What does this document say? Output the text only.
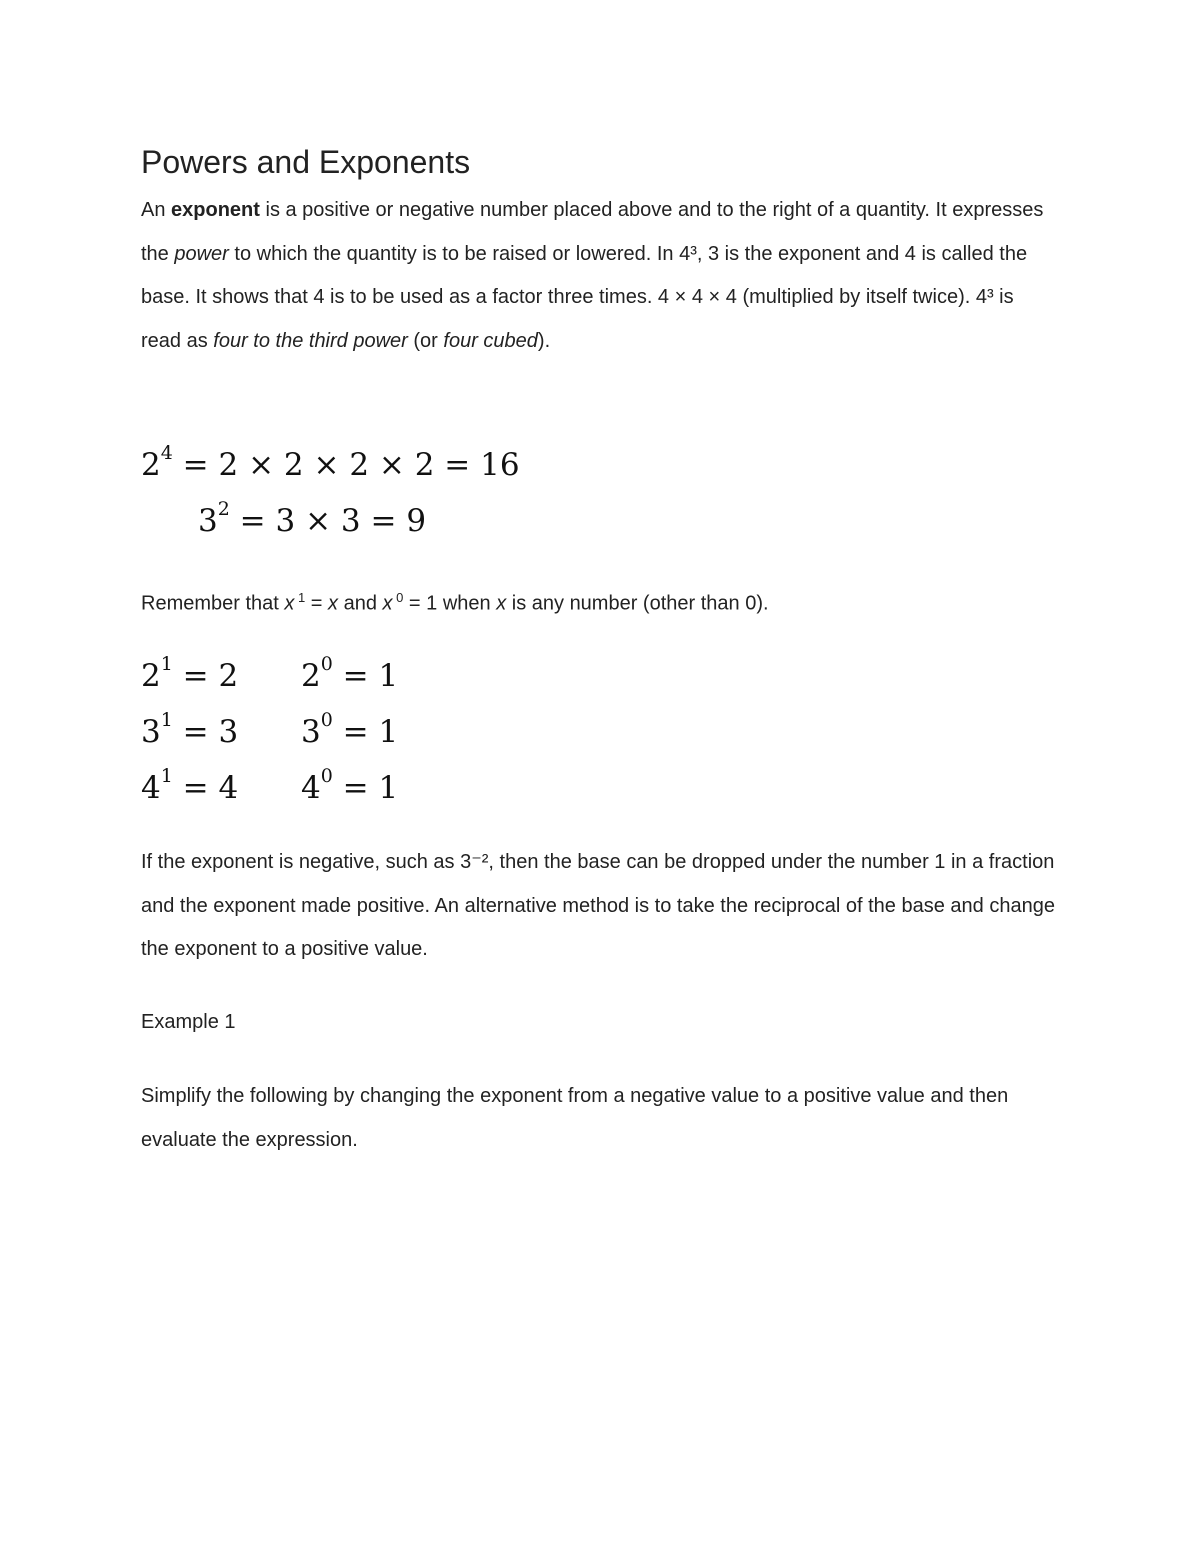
Powers and Exponents

An exponent is a positive or negative number placed above and to the right of a quantity. It expresses the power to which the quantity is to be raised or lowered. In 4³, 3 is the exponent and 4 is called the base. It shows that 4 is to be used as a factor three times. 4 × 4 × 4 (multiplied by itself twice). 4³ is read as four to the third power (or four cubed).

$2^4 = 2 \times 2 \times 2 \times 2 = 16$
$3^2 = 3 \times 3 = 9$

Remember that x $^1$ = x and x $^0$ = 1 when x is any number (other than 0).

$2^1 = 2$ $2^0 = 1$
$3^1 = 3$ $3^0 = 1$
$4^1 = 4$ $4^0 = 1$

If the exponent is negative, such as 3⁻², then the base can be dropped under the number 1 in a fraction and the exponent made positive. An alternative method is to take the reciprocal of the base and change the exponent to a positive value.

Example 1

Simplify the following by changing the exponent from a negative value to a positive value and then evaluate the expression.
